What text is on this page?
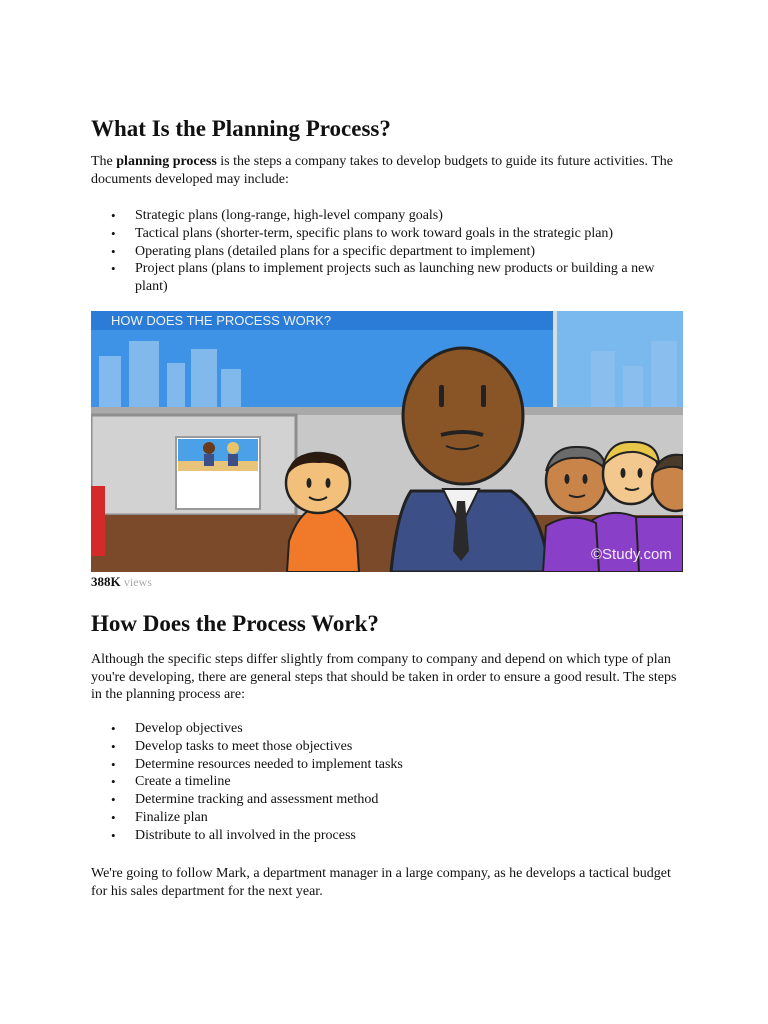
What Is the Planning Process?

The planning process is the steps a company takes to develop budgets to guide its future activities. The documents developed may include:

• Strategic plans (long-range, high-level company goals)
• Tactical plans (shorter-term, specific plans to work toward goals in the strategic plan)
• Operating plans (detailed plans for a specific department to implement)
• Project plans (plans to implement projects such as launching new products or building a new plant)
HOW DOES THE PROCESS WORK?
©Study.com
388K views
How Does the Process Work?

Although the specific steps differ slightly from company to company and depend on which type of plan you're developing, there are general steps that should be taken in order to ensure a good result. The steps in the planning process are:

• Develop objectives
• Develop tasks to meet those objectives
• Determine resources needed to implement tasks
• Create a timeline
• Determine tracking and assessment method
• Finalize plan
• Distribute to all involved in the process

We're going to follow Mark, a department manager in a large company, as he develops a tactical budget for his sales department for the next year.
